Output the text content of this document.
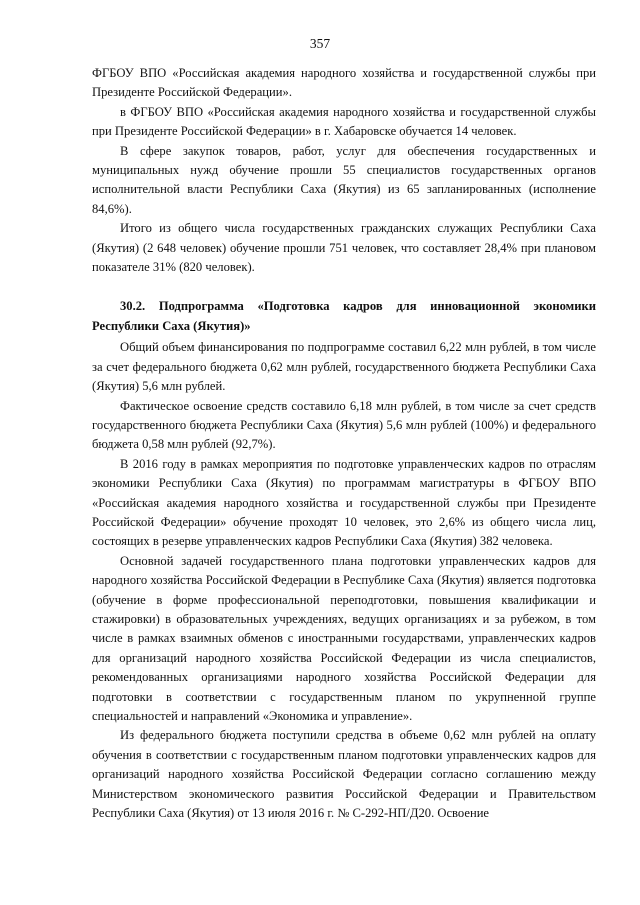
357

ФГБОУ ВПО «Российская академия народного хозяйства и государственной службы при Президенте Российской Федерации».

в ФГБОУ ВПО «Российская академия народного хозяйства и государственной службы при Президенте Российской Федерации» в г. Хабаровске обучается 14 человек.

В сфере закупок товаров, работ, услуг для обеспечения государственных и муниципальных нужд обучение прошли 55 специалистов государственных органов исполнительной власти Республики Саха (Якутия) из 65 запланированных (исполнение 84,6%).

Итого из общего числа государственных гражданских служащих Республики Саха (Якутия) (2 648 человек) обучение прошли 751 человек, что составляет 28,4% при плановом показателе 31% (820 человек).

30.2. Подпрограмма «Подготовка кадров для инновационной экономики Республики Саха (Якутия)»

Общий объем финансирования по подпрограмме составил 6,22 млн рублей, в том числе за счет федерального бюджета 0,62 млн рублей, государственного бюджета Республики Саха (Якутия) 5,6 млн рублей.

Фактическое освоение средств составило 6,18 млн рублей, в том числе за счет средств государственного бюджета Республики Саха (Якутия) 5,6 млн рублей (100%) и федерального бюджета 0,58 млн рублей (92,7%).

В 2016 году в рамках мероприятия по подготовке управленческих кадров по отраслям экономики Республики Саха (Якутия) по программам магистратуры в ФГБОУ ВПО «Российская академия народного хозяйства и государственной службы при Президенте Российской Федерации» обучение проходят 10 человек, это 2,6% из общего числа лиц, состоящих в резерве управленческих кадров Республики Саха (Якутия) 382 человека.

Основной задачей государственного плана подготовки управленческих кадров для народного хозяйства Российской Федерации в Республике Саха (Якутия) является подготовка (обучение в форме профессиональной переподготовки, повышения квалификации и стажировки) в образовательных учреждениях, ведущих организациях и за рубежом, в том числе в рамках взаимных обменов с иностранными государствами, управленческих кадров для организаций народного хозяйства Российской Федерации из числа специалистов, рекомендованных организациями народного хозяйства Российской Федерации для подготовки в соответствии с государственным планом по укрупненной группе специальностей и направлений «Экономика и управление».

Из федерального бюджета поступили средства в объеме 0,62 млн рублей на оплату обучения в соответствии с государственным планом подготовки управленческих кадров для организаций народного хозяйства Российской Федерации согласно соглашению между Министерством экономического развития Российской Федерации и Правительством Республики Саха (Якутия) от 13 июля 2016 г. № С-292-НП/Д20. Освоение
